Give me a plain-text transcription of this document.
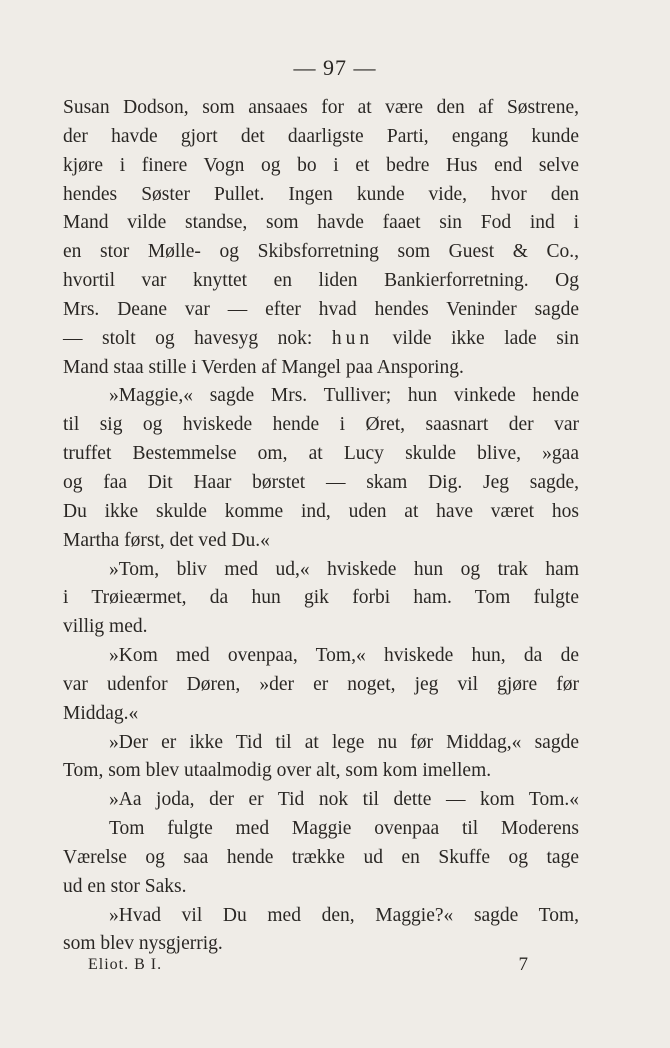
— 97 —
Susan Dodson, som ansaaes for at være den af Søstrene,
der havde gjort det daarligste Parti, engang kunde
kjøre i finere Vogn og bo i et bedre Hus end selve
hendes Søster Pullet. Ingen kunde vide, hvor den
Mand vilde standse, som havde faaet sin Fod ind i
en stor Mølle- og Skibsforretning som Guest & Co.,
hvortil var knyttet en liden Bankierforretning. Og
Mrs. Deane var — efter hvad hendes Veninder sagde
— stolt og havesyg nok: hun vilde ikke lade sin
Mand staa stille i Verden af Mangel paa Ansporing.
»Maggie,« sagde Mrs. Tulliver; hun vinkede hende
til sig og hviskede hende i Øret, saasnart der var
truffet Bestemmelse om, at Lucy skulde blive, »gaa
og faa Dit Haar børstet — skam Dig. Jeg sagde,
Du ikke skulde komme ind, uden at have været hos
Martha først, det ved Du.«
»Tom, bliv med ud,« hviskede hun og trak ham
i Trøieærmet, da hun gik forbi ham. Tom fulgte
villig med.
»Kom med ovenpaa, Tom,« hviskede hun, da de
var udenfor Døren, »der er noget, jeg vil gjøre før
Middag.«
»Der er ikke Tid til at lege nu før Middag,« sagde
Tom, som blev utaalmodig over alt, som kom imellem.
»Aa joda, der er Tid nok til dette — kom Tom.«
Tom fulgte med Maggie ovenpaa til Moderens
Værelse og saa hende trække ud en Skuffe og tage
ud en stor Saks.
»Hvad vil Du med den, Maggie?« sagde Tom,
som blev nysgjerrig.
Eliot. B I.	7
